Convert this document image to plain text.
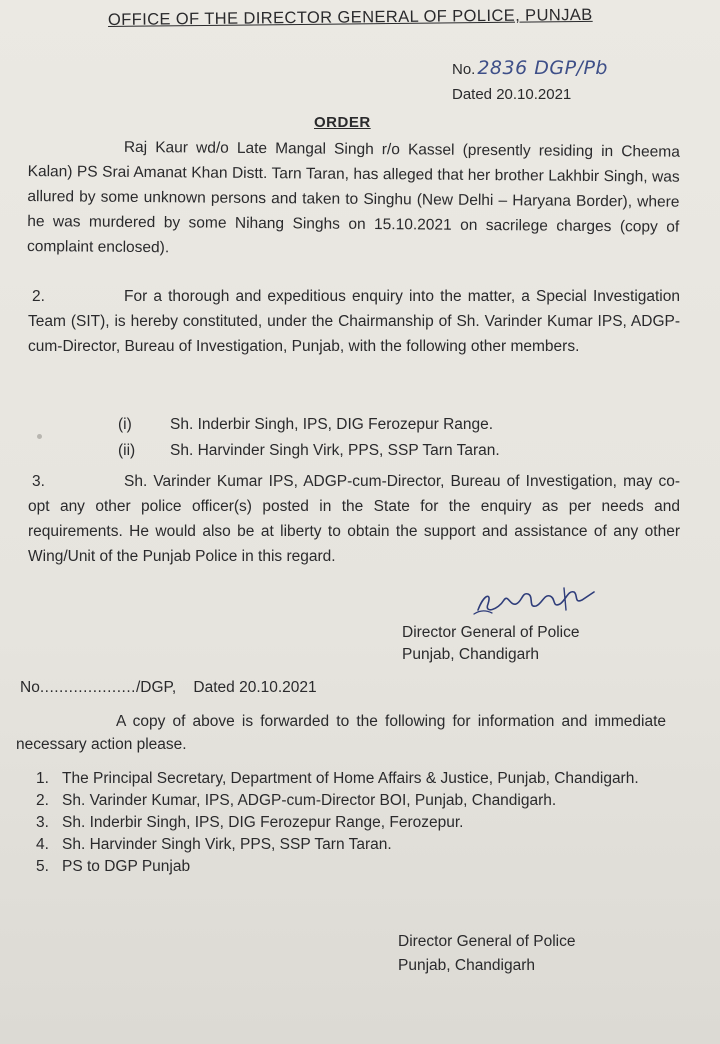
OFFICE OF THE DIRECTOR GENERAL OF POLICE, PUNJAB
No. 2836 DGP/Pb
Dated 20.10.2021
ORDER

Raj Kaur wd/o Late Mangal Singh r/o Kassel (presently residing in Cheema Kalan) PS Srai Amanat Khan Distt. Tarn Taran, has alleged that her brother Lakhbir Singh, was allured by some unknown persons and taken to Singhu (New Delhi – Haryana Border), where he was murdered by some Nihang Singhs on 15.10.2021 on sacrilege charges (copy of complaint enclosed).

2.	For a thorough and expeditious enquiry into the matter, a Special Investigation Team (SIT), is hereby constituted, under the Chairmanship of Sh. Varinder Kumar IPS, ADGP-cum-Director, Bureau of Investigation, Punjab, with the following other members.

(i) Sh. Inderbir Singh, IPS, DIG Ferozepur Range.
(ii) Sh. Harvinder Singh Virk, PPS, SSP Tarn Taran.
3.	Sh. Varinder Kumar IPS, ADGP-cum-Director, Bureau of Investigation, may co-opt any other police officer(s) posted in the State for the enquiry as per needs and requirements. He would also be at liberty to obtain the support and assistance of any other Wing/Unit of the Punjab Police in this regard.

Director General of Police
Punjab, Chandigarh
No..................../DGP, Dated 20.10.2021
A copy of above is forwarded to the following for information and immediate necessary action please.
1. The Principal Secretary, Department of Home Affairs & Justice, Punjab, Chandigarh.
2. Sh. Varinder Kumar, IPS, ADGP-cum-Director BOI, Punjab, Chandigarh.
3. Sh. Inderbir Singh, IPS, DIG Ferozepur Range, Ferozepur.
4. Sh. Harvinder Singh Virk, PPS, SSP Tarn Taran.
5. PS to DGP Punjab
Director General of Police
Punjab, Chandigarh
